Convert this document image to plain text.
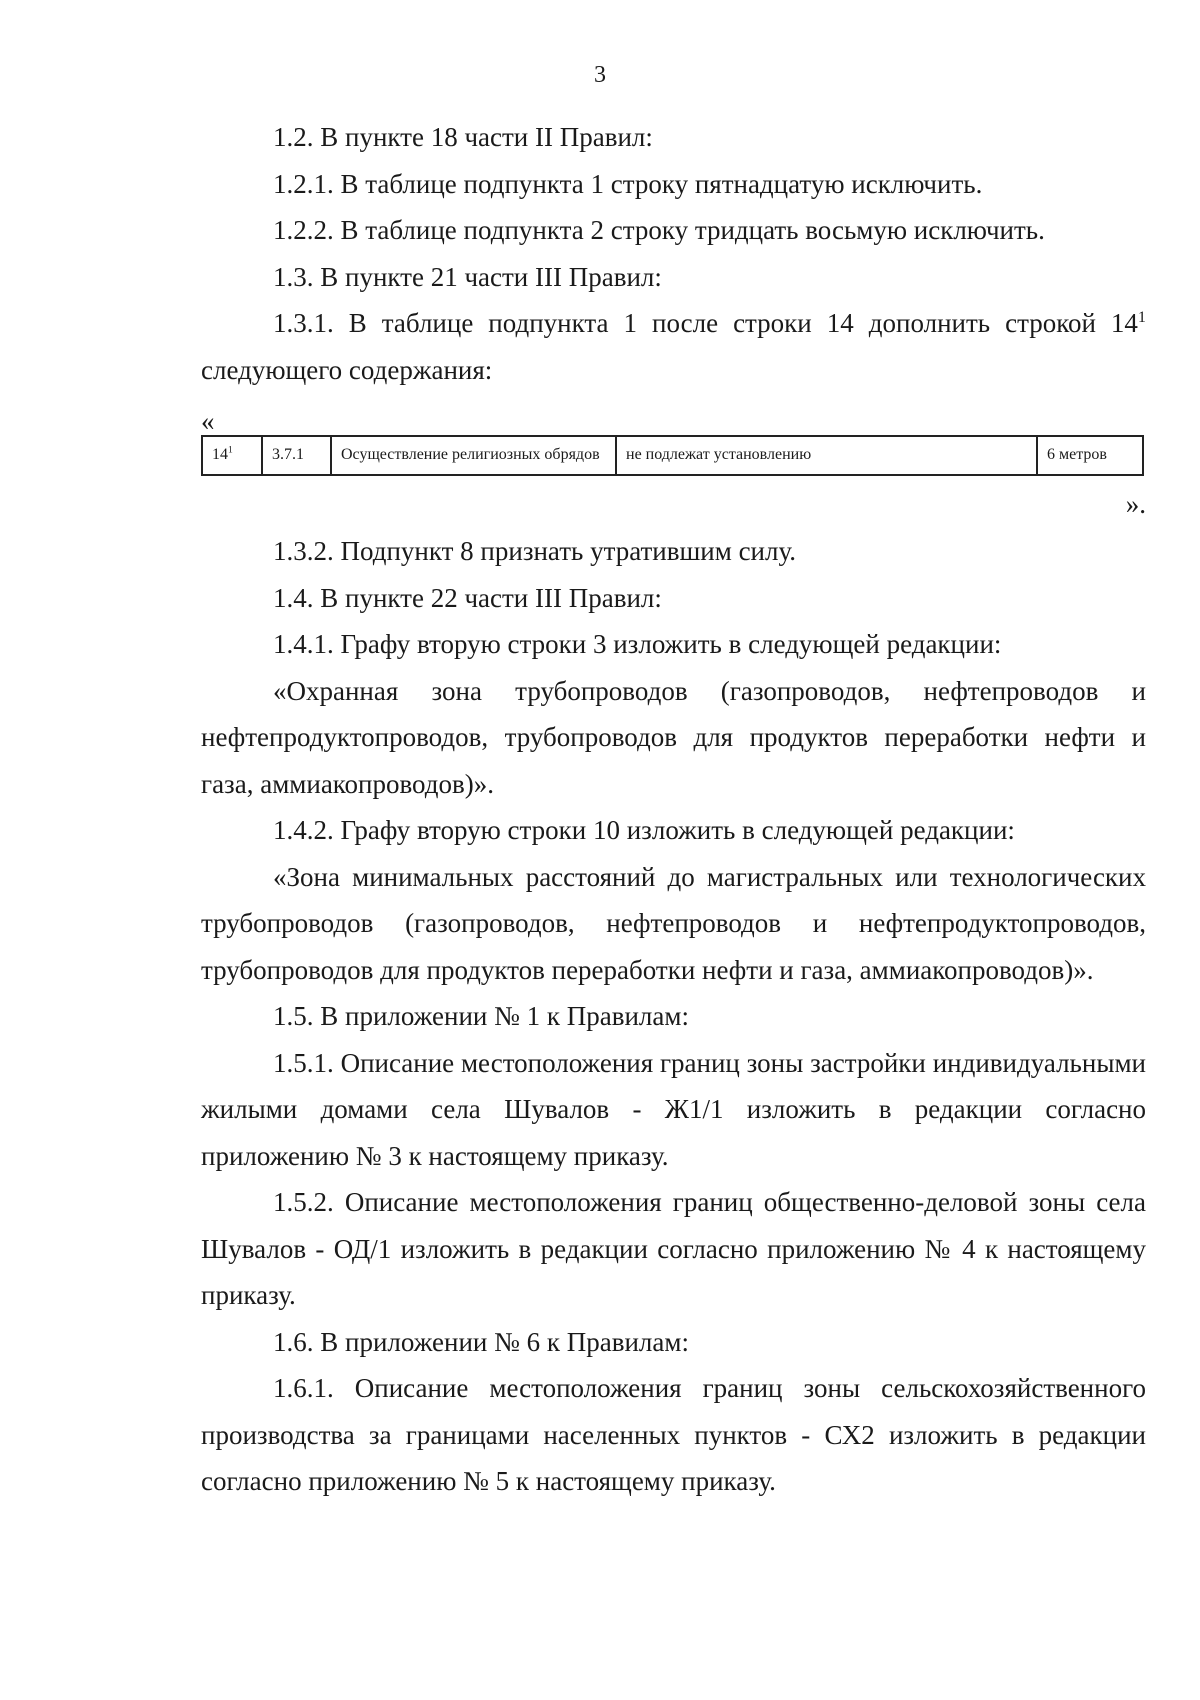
3

1.2. В пункте 18 части II Правил:

1.2.1. В таблице подпункта 1 строку пятнадцатую исключить.

1.2.2. В таблице подпункта 2 строку тридцать восьмую исключить.

1.3. В пункте 21 части III Правил:

1.3.1. В таблице подпункта 1 после строки 14 дополнить строкой $14^1$

следующего содержания:

«

$14^1$	3.7.1	Осуществление религиозных обрядов	не подлежат установлению	6 метров

».

1.3.2. Подпункт 8 признать утратившим силу.

1.4. В пункте 22 части III Правил:

1.4.1. Графу вторую строки 3 изложить в следующей редакции:

«Охранная зона трубопроводов (газопроводов, нефтепроводов и нефтепродуктопроводов, трубопроводов для продуктов переработки нефти и газа, аммиакопроводов)».

1.4.2. Графу вторую строки 10 изложить в следующей редакции:

«Зона минимальных расстояний до магистральных или технологических трубопроводов (газопроводов, нефтепроводов и нефтепродуктопроводов, трубопроводов для продуктов переработки нефти и газа, аммиакопроводов)».

1.5. В приложении № 1 к Правилам:

1.5.1. Описание местоположения границ зоны застройки индивидуальными жилыми домами села Шувалов - Ж1/1 изложить в редакции согласно приложению № 3 к настоящему приказу.

1.5.2. Описание местоположения границ общественно-деловой зоны села Шувалов - ОД/1 изложить в редакции согласно приложению № 4 к настоящему приказу.

1.6. В приложении № 6 к Правилам:

1.6.1. Описание местоположения границ зоны сельскохозяйственного производства за границами населенных пунктов - СХ2 изложить в редакции согласно приложению № 5 к настоящему приказу.
